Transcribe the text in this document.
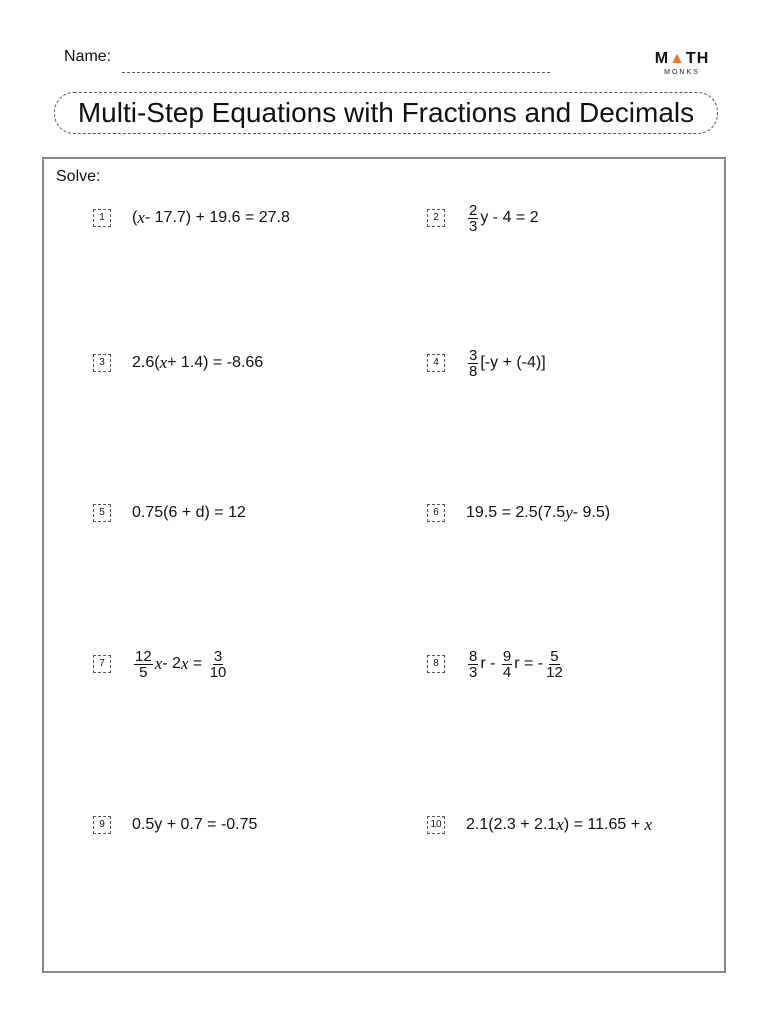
Name:	M▲TH
MONKS
Multi-Step Equations with Fractions and Decimals
Solve:
1	( x - 17.7) + 19.6 = 27.8	2	$\frac{2}{3}$ y - 4 = 2
3	2.6( x + 1.4) = -8.66	4	$\frac{3}{8} [-y + (-4)]$
5	0.75(6 + d) = 12	6	19.5 = 2.5(7.5 y - 9.5)
7	$\frac{12}{5}$ x - 2 $x = \frac{3}{10}$	8	$\frac{8}{3}$ r - $\frac{9}{4}$ r = - $\frac{5}{12}$
9	0.5y + 0.7 = -0.75	10 2.1(2.3 + 2.1 x ) = 11.65 + x
